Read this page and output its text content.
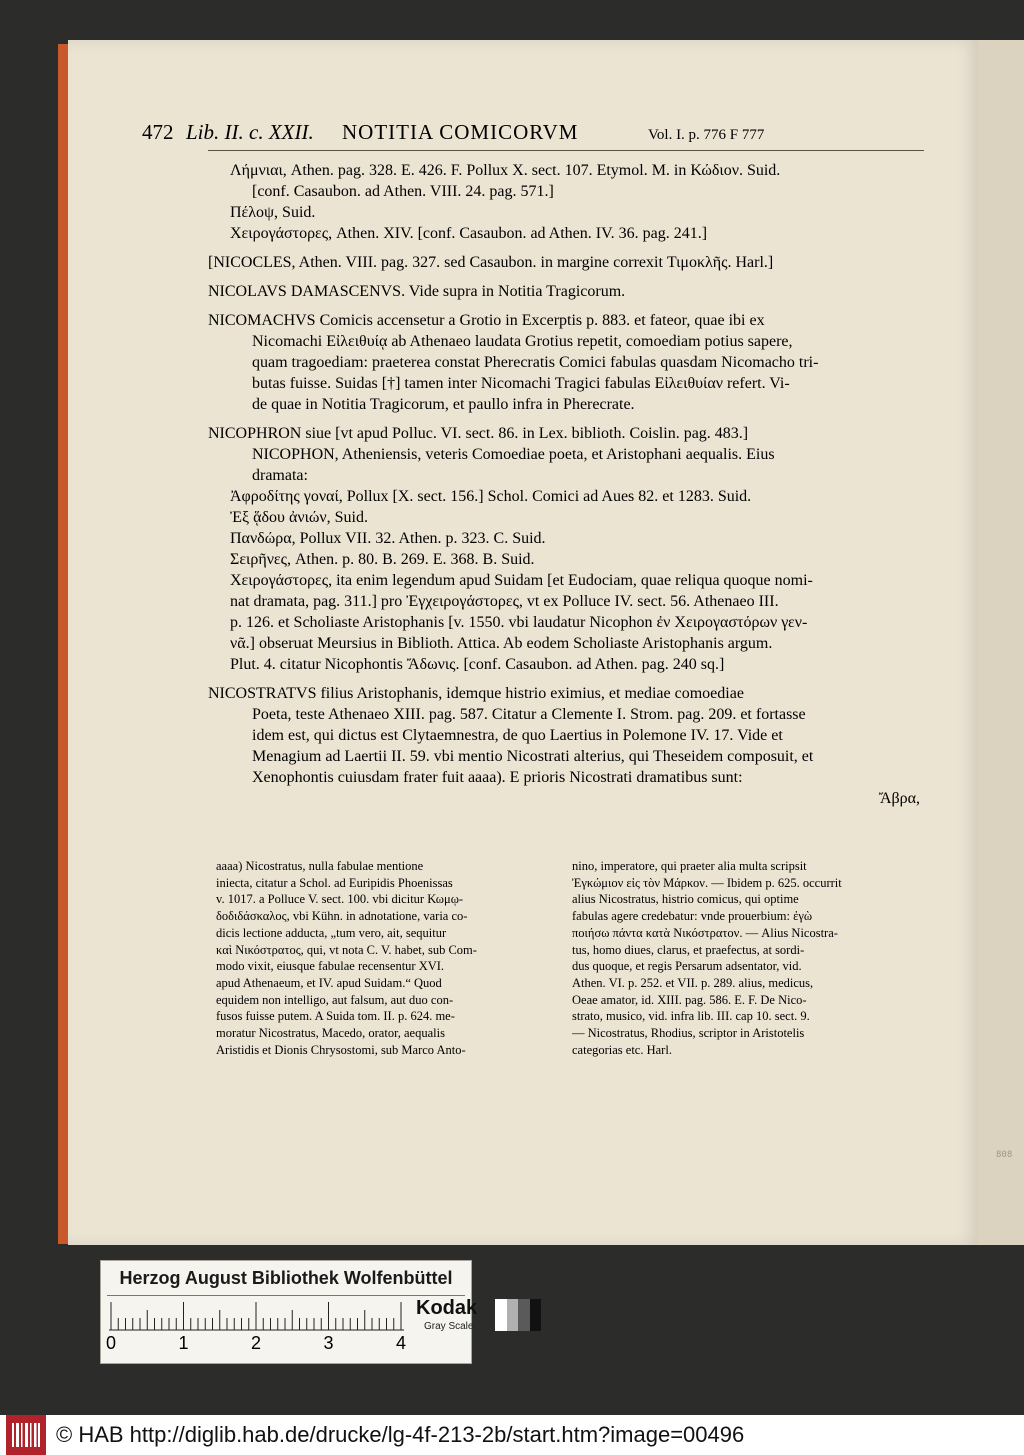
472 Lib. II. c. XXII.	NOTITIA COMICORVM	Vol. I. p. 776 F 777

Λήμνιαι, Athen. pag. 328. E. 426. F. Pollux X. sect. 107. Etymol. M. in Κώδιον. Suid.

[conf. Casaubon. ad Athen. VIII. 24. pag. 571.]

Πέλοψ, Suid.

Χειρογάστορες, Athen. XIV. [conf. Casaubon. ad Athen. IV. 36. pag. 241.]

[NICOCLES, Athen. VIII. pag. 327. sed Casaubon. in margine correxit Τιμοκλῆς. Harl.]

NICOLAVS DAMASCENVS. Vide supra in Notitia Tragicorum.

NICOMACHVS Comicis accensetur a Grotio in Excerptis p. 883. et fateor, quae ibi ex

Nicomachi Εἰλειθυίᾳ ab Athenaeo laudata Grotius repetit, comoediam potius sapere,

quam tragoediam: praeterea constat Pherecratis Comici fabulas quasdam Nicomacho tri-

butas fuisse. Suidas [†] tamen inter Nicomachi Tragici fabulas Εἰλειθυίαν refert. Vi-

de quae in Notitia Tragicorum, et paullo infra in Pherecrate.

NICOPHRON siue [vt apud Polluc. VI. sect. 86. in Lex. biblioth. Coislin. pag. 483.]

NICOPHON, Atheniensis, veteris Comoediae poeta, et Aristophani aequalis. Eius

dramata:

Ἀφροδίτης γοναί, Pollux [X. sect. 156.] Schol. Comici ad Aues 82. et 1283. Suid.

Ἐξ ᾅδου ἀνιών, Suid.

Πανδώρα, Pollux VII. 32. Athen. p. 323. C. Suid.

Σειρῆνες, Athen. p. 80. B. 269. E. 368. B. Suid.

Χειρογάστορες, ita enim legendum apud Suidam [et Eudociam, quae reliqua quoque nomi-

nat dramata, pag. 311.] pro Ἐγχειρογάστορες, vt ex Polluce IV. sect. 56. Athenaeo III.

p. 126. et Scholiaste Aristophanis [v. 1550. vbi laudatur Nicophon ἐν Χειρογαστόρων γεν-

νᾶ.] obseruat Meursius in Biblioth. Attica. Ab eodem Scholiaste Aristophanis argum.

Plut. 4. citatur Nicophontis Ἄδωνις. [conf. Casaubon. ad Athen. pag. 240 sq.]

NICOSTRATVS filius Aristophanis, idemque histrio eximius, et mediae comoediae

Poeta, teste Athenaeo XIII. pag. 587. Citatur a Clemente I. Strom. pag. 209. et fortasse

idem est, qui dictus est Clytaemnestra, de quo Laertius in Polemone IV. 17. Vide et

Menagium ad Laertii II. 59. vbi mentio Nicostrati alterius, qui Theseidem composuit, et

Xenophontis cuiusdam frater fuit aaaa). E prioris Nicostrati dramatibus sunt:

Ἄβρα,

aaaa) Nicostratus, nulla fabulae mentione

iniecta, citatur a Schol. ad Euripidis Phoenissas

v. 1017. a Polluce V. sect. 100. vbi dicitur Κωμῳ-

δοδιδάσκαλος, vbi Kühn. in adnotatione, varia co-

dicis lectione adducta, „tum vero, ait, sequitur

καὶ Νικόστρατος, qui, vt nota C. V. habet, sub Com-

modo vixit, eiusque fabulae recensentur XVI.

apud Athenaeum, et IV. apud Suidam.“ Quod

equidem non intelligo, aut falsum, aut duo con-

fusos fuisse putem. A Suida tom. II. p. 624. me-

moratur Nicostratus, Macedo, orator, aequalis

Aristidis et Dionis Chrysostomi, sub Marco Anto-

nino, imperatore, qui praeter alia multa scripsit

Ἐγκώμιον εἰς τὸν Μάρκον. — Ibidem p. 625. occurrit

alius Nicostratus, histrio comicus, qui optime

fabulas agere credebatur: vnde prouerbium: ἐγὼ

ποιήσω πάντα κατὰ Νικόστρατον. — Alius Nicostra-

tus, homo diues, clarus, et praefectus, at sordi-

dus quoque, et regis Persarum adsentator, vid.

Athen. VI. p. 252. et VII. p. 289. alius, medicus,

Oeae amator, id. XIII. pag. 586. E. F. De Nico-

strato, musico, vid. infra lib. III. cap 10. sect. 9.

— Nicostratus, Rhodius, scriptor in Aristotelis

categorias etc. Harl.

Herzog August Bibliothek Wolfenbüttel
0	1	2	3	4
Kodak
Gray Scale
808
© HAB http://diglib.hab.de/drucke/lg-4f-213-2b/start.htm?image=00496
